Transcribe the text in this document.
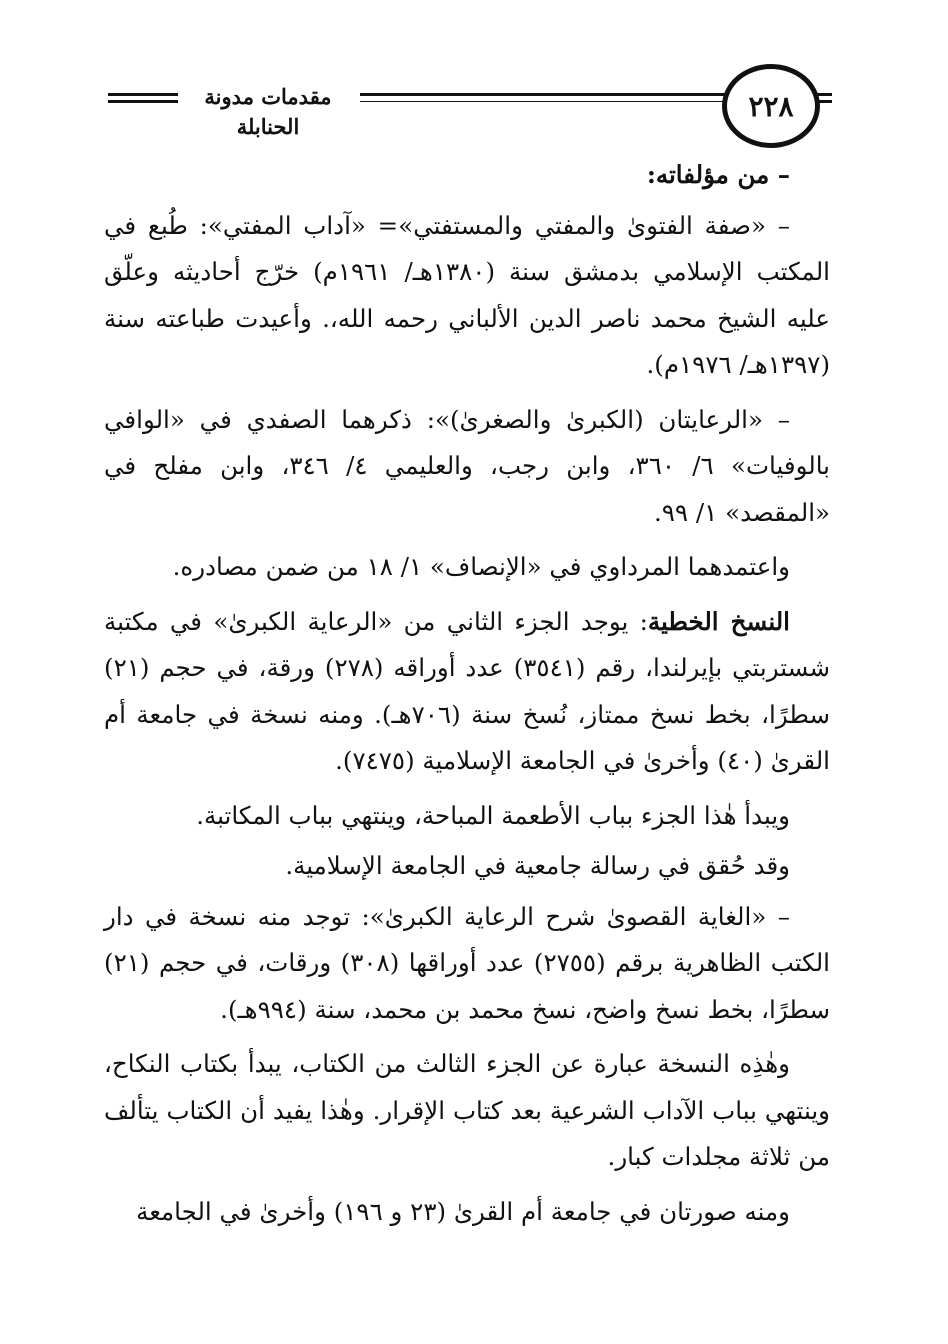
مقدمات مدونة الحنابلة
٢٢٨

– من مؤلفاته:

– «صفة الفتوىٰ والمفتي والمستفتي»= «آداب المفتي»: طُبع في المكتب الإسلامي بدمشق سنة (١٣٨٠هـ/ ١٩٦١م) خرّج أحاديثه وعلّق عليه الشيخ محمد ناصر الدين الألباني رحمه الله،. وأعيدت طباعته سنة (١٣٩٧هـ/ ١٩٧٦م).

– «الرعايتان (الكبرىٰ والصغرىٰ)»: ذكرهما الصفدي في «الوافي بالوفيات» ٦/ ٣٦٠، وابن رجب، والعليمي ٤/ ٣٤٦، وابن مفلح في «المقصد» ١/ ٩٩.

واعتمدهما المرداوي في «الإنصاف» ١/ ١٨ من ضمن مصادره.

النسخ الخطية: يوجد الجزء الثاني من «الرعاية الكبرىٰ» في مكتبة شستربتي بإيرلندا، رقم (٣٥٤١) عدد أوراقه (٢٧٨) ورقة، في حجم (٢١) سطرًا، بخط نسخ ممتاز، نُسخ سنة (٧٠٦هـ). ومنه نسخة في جامعة أم القرىٰ (٤٠) وأخرىٰ في الجامعة الإسلامية (٧٤٧٥).

ويبدأ هٰذا الجزء بباب الأطعمة المباحة، وينتهي بباب المكاتبة.

وقد حُقق في رسالة جامعية في الجامعة الإسلامية.

– «الغاية القصوىٰ شرح الرعاية الكبرىٰ»: توجد منه نسخة في دار الكتب الظاهرية برقم (٢٧٥٥) عدد أوراقها (٣٠٨) ورقات، في حجم (٢١) سطرًا، بخط نسخ واضح، نسخ محمد بن محمد، سنة (٩٩٤هـ).

وهٰذِه النسخة عبارة عن الجزء الثالث من الكتاب، يبدأ بكتاب النكاح، وينتهي بباب الآداب الشرعية بعد كتاب الإقرار. وهٰذا يفيد أن الكتاب يتألف من ثلاثة مجلدات كبار.

ومنه صورتان في جامعة أم القرىٰ (٢٣ و ١٩٦) وأخرىٰ في الجامعة
